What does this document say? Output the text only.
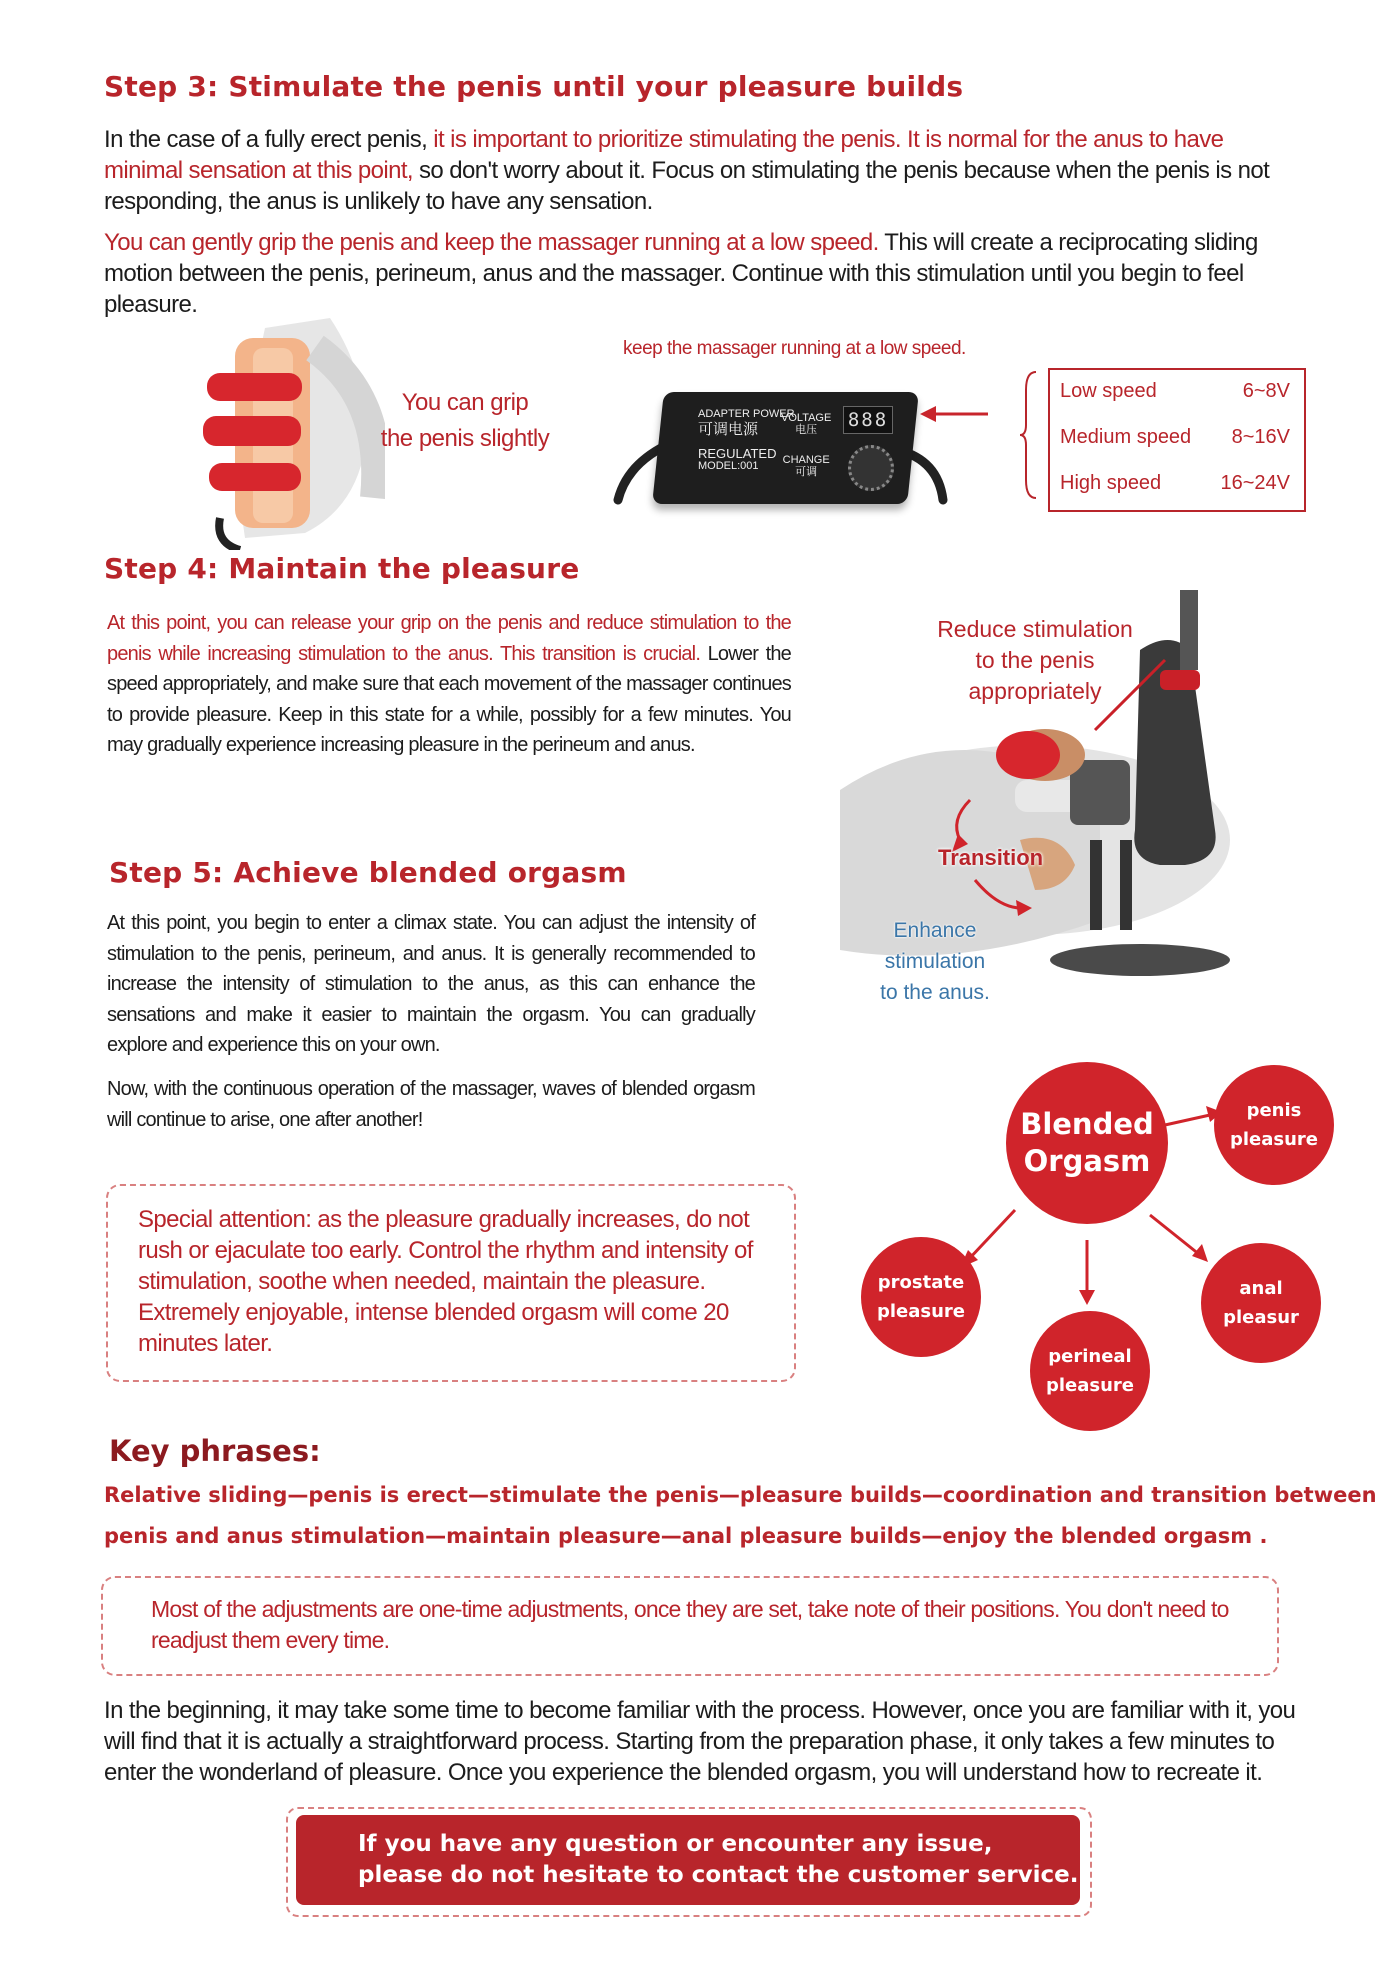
Step 3: Stimulate the penis until your pleasure builds
In the case of a fully erect penis, it is important to prioritize stimulating the penis. It is normal for the anus to have minimal sensation at this point, so don't worry about it. Focus on stimulating the penis because when the penis is not responding, the anus is unlikely to have any sensation.
You can gently grip the penis and keep the massager running at a low speed. This will create a reciprocating sliding motion between the penis, perineum, anus and the massager. Continue with this stimulation until you begin to feel pleasure.
You can grip
the penis slightly
keep the massager running at a low speed.
ADAPTER POWER
可调电源
REGULATED
MODEL:001
VOLTAGE
电压
CHANGE
可调
888
Low speed	6~8V
Medium speed 8~16V
High speed	16~24V
Step 4: Maintain the pleasure
At this point, you can release your grip on the penis and reduce stimulation to the penis while increasing stimulation to the anus. This transition is crucial. Lower the speed appropriately, and make sure that each movement of the massager continues to provide pleasure. Keep in this state for a while, possibly for a few minutes. You may gradually experience increasing pleasure in the perineum and anus.
Reduce stimulation
to the penis
appropriately
Transition
Enhance
stimulation
to the anus.
Step 5: Achieve blended orgasm
At this point, you begin to enter a climax state. You can adjust the intensity of stimulation to the penis, perineum, and anus. It is generally recommended to increase the intensity of stimulation to the anus, as this can enhance the sensations and make it easier to maintain the orgasm. You can gradually explore and experience this on your own.
Now, with the continuous operation of the massager, waves of blended orgasm will continue to arise, one after another!
Special attention: as the pleasure gradually increases, do not rush or ejaculate too early. Control the rhythm and intensity of stimulation, soothe when needed, maintain the pleasure. Extremely enjoyable, intense blended orgasm will come 20 minutes later.
Blended
Orgasm
penis
pleasure
prostate
pleasure
perineal
pleasure
anal
pleasur
Key phrases:
Relative sliding—penis is erect—stimulate the penis—pleasure builds—coordination and transition between
penis and anus stimulation—maintain pleasure—anal pleasure builds—enjoy the blended orgasm .
Most of the adjustments are one-time adjustments, once they are set, take note of their positions. You don't need to readjust them every time.
In the beginning, it may take some time to become familiar with the process. However, once you are familiar with it, you will find that it is actually a straightforward process. Starting from the preparation phase, it only takes a few minutes to enter the wonderland of pleasure. Once you experience the blended orgasm, you will understand how to recreate it.
If you have any question or encounter any issue,
please do not hesitate to contact the customer service.
